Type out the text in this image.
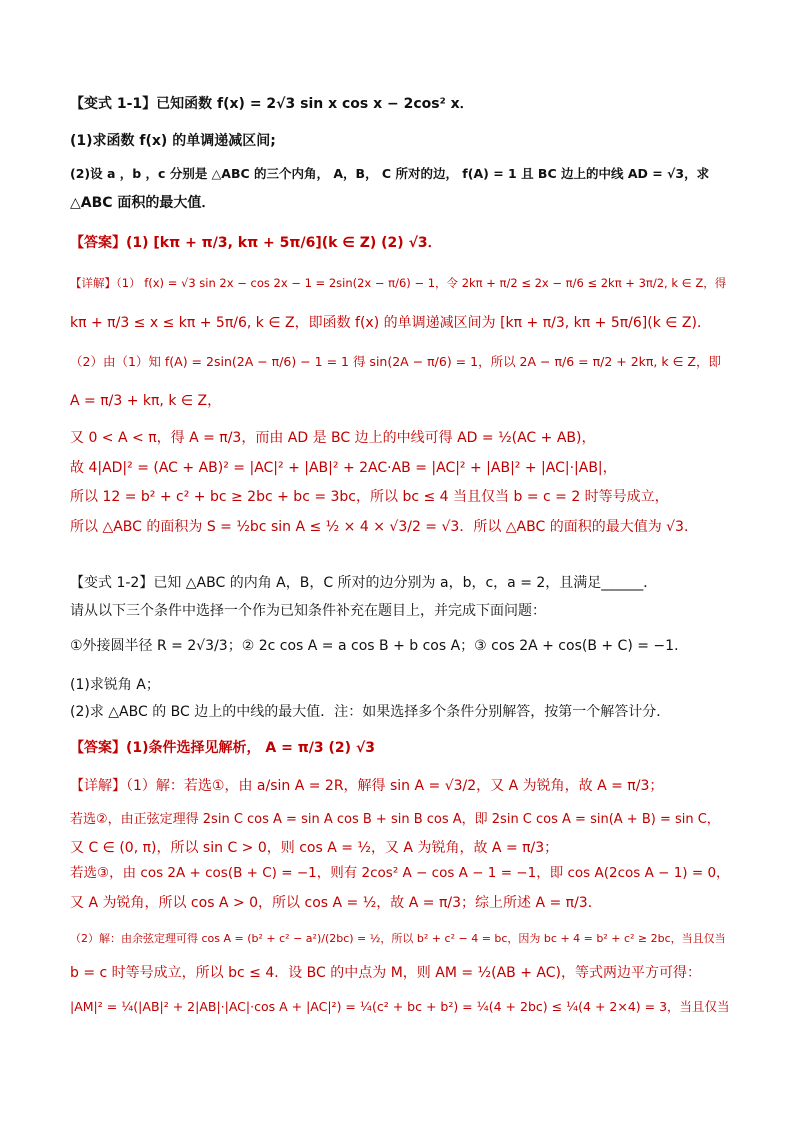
【变式 1-1】已知函数 f(x) = 2√3 sin x cos x − 2cos² x．
(1)求函数 f(x) 的单调递减区间;
(2)设 a ，b ，c 分别是 △ABC 的三个内角， A，B， C 所对的边， f(A) = 1 且 BC 边上的中线 AD = √3，求
△ABC 面积的最大值．
【答案】(1) [kπ + π/3, kπ + 5π/6](k ∈ Z) (2) √3．
【详解】（1） f(x) = √3 sin 2x − cos 2x − 1 = 2sin(2x − π/6) − 1，令 2kπ + π/2 ≤ 2x − π/6 ≤ 2kπ + 3π/2, k ∈ Z，得
kπ + π/3 ≤ x ≤ kπ + 5π/6, k ∈ Z，即函数 f(x) 的单调递减区间为 [kπ + π/3, kπ + 5π/6](k ∈ Z)．
（2）由（1）知 f(A) = 2sin(2A − π/6) − 1 = 1 得 sin(2A − π/6) = 1，所以 2A − π/6 = π/2 + 2kπ, k ∈ Z，即
A = π/3 + kπ, k ∈ Z，
又 0 < A < π，得 A = π/3，而由 AD 是 BC 边上的中线可得 AD = ½(AC + AB)，
故 4|AD|² = (AC + AB)² = |AC|² + |AB|² + 2AC·AB = |AC|² + |AB|² + |AC|·|AB|，
所以 12 = b² + c² + bc ≥ 2bc + bc = 3bc，所以 bc ≤ 4 当且仅当 b = c = 2 时等号成立，
所以 △ABC 的面积为 S = ½bc sin A ≤ ½ × 4 × √3/2 = √3．所以 △ABC 的面积的最大值为 √3．
【变式 1-2】已知 △ABC 的内角 A，B，C 所对的边分别为 a，b，c，a = 2，且满足______．
请从以下三个条件中选择一个作为已知条件补充在题目上，并完成下面问题：
①外接圆半径 R = 2√3/3；② 2c cos A = a cos B + b cos A；③ cos 2A + cos(B + C) = −1．
(1)求锐角 A；
(2)求 △ABC 的 BC 边上的中线的最大值．注：如果选择多个条件分别解答，按第一个解答计分．
【答案】(1)条件选择见解析， A = π/3 (2) √3
【详解】（1）解：若选①，由 a/sin A = 2R，解得 sin A = √3/2，又 A 为锐角，故 A = π/3；
若选②，由正弦定理得 2sin C cos A = sin A cos B + sin B cos A，即 2sin C cos A = sin(A + B) = sin C，
又 C ∈ (0, π)，所以 sin C > 0，则 cos A = ½，又 A 为锐角，故 A = π/3；
若选③，由 cos 2A + cos(B + C) = −1，则有 2cos² A − cos A − 1 = −1，即 cos A(2cos A − 1) = 0，
又 A 为锐角，所以 cos A > 0，所以 cos A = ½，故 A = π/3；综上所述 A = π/3．
（2）解：由余弦定理可得 cos A = (b² + c² − a²)/(2bc) = ½，所以 b² + c² − 4 = bc，因为 bc + 4 = b² + c² ≥ 2bc，当且仅当
b = c 时等号成立，所以 bc ≤ 4．设 BC 的中点为 M，则 AM = ½(AB + AC)，等式两边平方可得：
|AM|² = ¼(|AB|² + 2|AB|·|AC|·cos A + |AC|²) = ¼(c² + bc + b²) = ¼(4 + 2bc) ≤ ¼(4 + 2×4) = 3，当且仅当
